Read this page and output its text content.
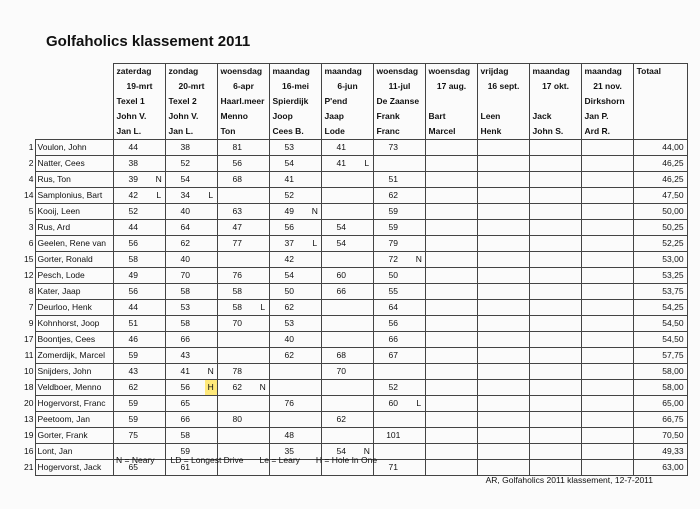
Golfaholics klassement 2011
		zaterdag		zondag		woensdag		maandag		maandag		woensdag		woensdag		vrijdag		maandag		maandag		Totaal
		19-mrt		20-mrt		6-apr		16-mei		6-jun		11-jul		17 aug.		16 sept.		17 okt.		21 nov.		
		Texel 1		Texel 2		Haarl.meer		Spierdijk		P'end		De Zaanse								Dirkshorn		
		John V.		John V.		Menno		Joop		Jaap		Frank		Bart		Leen		Jack		Jan P.		
		Jan L.		Jan L.		Ton		Cees B.		Lode		Franc		Marcel		Henk		John S.		Ard R.		
1	Voulon, John	44		38		81		53		41		73										44,00
2	Natter, Cees	38		52		56		54		41	L											46,25
4	Rus, Ton	39	N	54		68		41				51										46,25
14	Samplonius, Bart	42	L	34	L			52				62										47,50
5	Kooij, Leen	52		40		63		49	N			59										50,00
3	Rus, Ard	44		64		47		56		54		59										50,25
6	Geelen, Rene van	56		62		77		37	L	54		79										52,25
15	Gorter, Ronald	58		40				42				72	N									53,00
12	Pesch, Lode	49		70		76		54		60		50										53,25
8	Kater, Jaap	56		58		58		50		66		55										53,75
7	Deurloo, Henk	44		53		58	L	62				64										54,25
9	Kohnhorst, Joop	51		58		70		53				56										54,50
17	Boontjes, Cees	46		66				40				66										54,50
11	Zomerdijk, Marcel	59		43				62		68		67										57,75
10	Snijders, John	43		41	N	78				70												58,00
18	Veldboer, Menno	62		56	H	62	N					52										58,00
20	Hogervorst, Franc	59		65				76				60	L									65,00
13	Peetoom, Jan	59		66		80				62												66,75
19	Gorter, Frank	75		58				48				101										70,50
16	Lont, Jan			59				35		54	N											49,33
21	Hogervorst, Jack	65		61								71										63,00
N = Neary LD = Longest Drive Le = Leary H = Hole In One
AR, Golfaholics 2011 klassement, 12-7-2011
